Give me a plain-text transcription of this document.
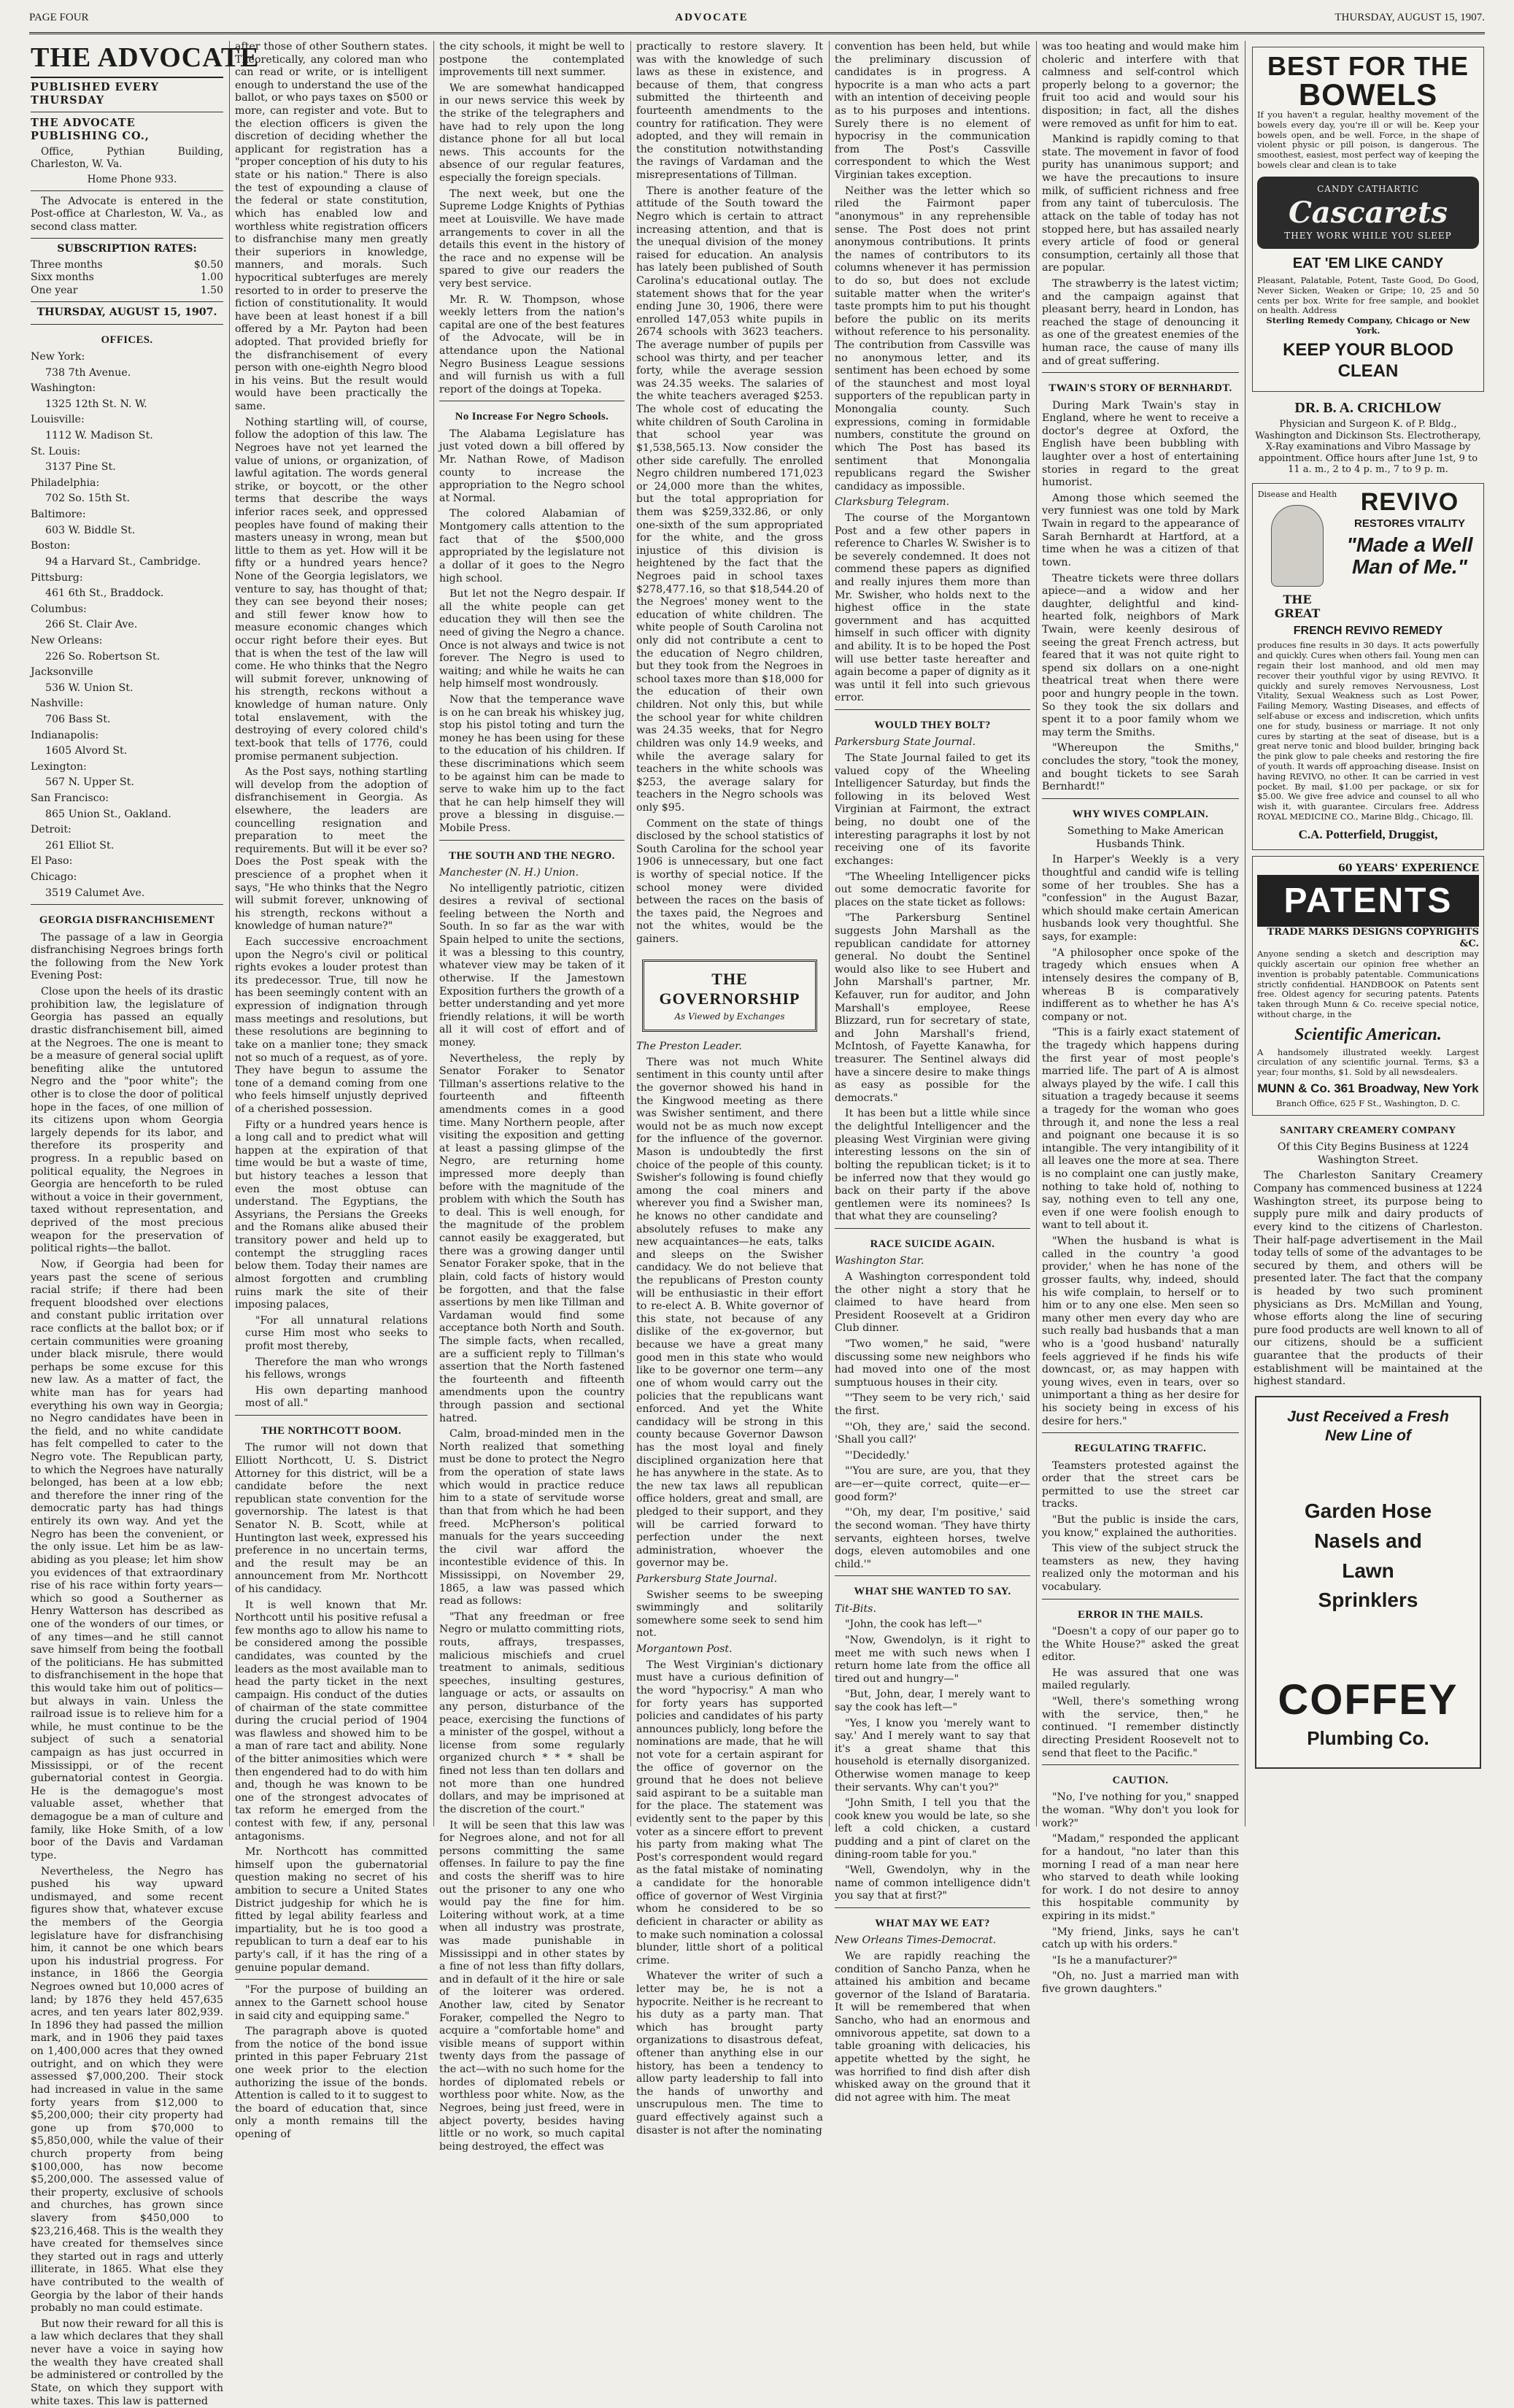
PAGE FOUR	ADVOCATE	THURSDAY, AUGUST 15, 1907.
THE ADVOCATE
PUBLISHED EVERY THURSDAY

THE ADVOCATE PUBLISHING CO.,

Office, Pythian Building, Charleston, W. Va.

Home Phone 933.

The Advocate is entered in the Post-office at Charleston, W. Va., as second class matter.

SUBSCRIPTION RATES:
Three months	$0.50
Sixx months	1.00
One year	1.50
THURSDAY, AUGUST 15, 1907.
OFFICES.

New York:

738 7th Avenue.

Washington:

1325 12th St. N. W.

Louisville:

1112 W. Madison St.

St. Louis:

3137 Pine St.

Philadelphia:

702 So. 15th St.

Baltimore:

603 W. Biddle St.

Boston:

94 a Harvard St., Cambridge.

Pittsburg:

461 6th St., Braddock.

Columbus:

266 St. Clair Ave.

New Orleans:

226 So. Robertson St.

Jacksonville

536 W. Union St.

Nashville:

706 Bass St.

Indianapolis:

1605 Alvord St.

Lexington:

567 N. Upper St.

San Francisco:

865 Union St., Oakland.

Detroit:

261 Elliot St.

El Paso:

Chicago:

3519 Calumet Ave.

GEORGIA DISFRANCHISEMENT

The passage of a law in Georgia disfranchising Negroes brings forth the following from the New York Evening Post:

Close upon the heels of its drastic prohibition law, the legislature of Georgia has passed an equally drastic disfranchisement bill, aimed at the Negroes. The one is meant to be a measure of general social uplift benefiting alike the untutored Negro and the "poor white"; the other is to close the door of political hope in the faces, of one million of its citizens upon whom Georgia largely depends for its labor, and therefore its prosperity and progress. In a republic based on political equality, the Negroes in Georgia are henceforth to be ruled without a voice in their government, taxed without representation, and deprived of the most precious weapon for the preservation of political rights—the ballot.

Now, if Georgia had been for years past the scene of serious racial strife; if there had been frequent bloodshed over elections and constant public irritation over race conflicts at the ballot box; or if certain communities were groaning under black misrule, there would perhaps be some excuse for this new law. As a matter of fact, the white man has for years had everything his own way in Georgia; no Negro candidates have been in the field, and no white candidate has felt compelled to cater to the Negro vote. The Republican party, to which the Negroes have naturally belonged, has been at a low ebb; and therefore the inner ring of the democratic party has had things entirely its own way. And yet the Negro has been the convenient, or the only issue. Let him be as law-abiding as you please; let him show you evidences of that extraordinary rise of his race within forty years—which so good a Southerner as Henry Watterson has described as one of the wonders of our times, or of any times—and he still cannot save himself from being the football of the politicians. He has submitted to disfranchisement in the hope that this would take him out of politics—but always in vain. Unless the railroad issue is to relieve him for a while, he must continue to be the subject of such a senatorial campaign as has just occurred in Mississippi, or of the recent gubernatorial contest in Georgia. He is the demagogue's most valuable asset, whether that demagogue be a man of culture and family, like Hoke Smith, of a low boor of the Davis and Vardaman type.

Nevertheless, the Negro has pushed his way upward undismayed, and some recent figures show that, whatever excuse the members of the Georgia legislature have for disfranchising him, it cannot be one which bears upon his industrial progress. For instance, in 1866 the Georgia Negroes owned but 10,000 acres of land; by 1876 they held 457,635 acres, and ten years later 802,939. In 1896 they had passed the million mark, and in 1906 they paid taxes on 1,400,000 acres that they owned outright, and on which they were assessed $7,000,200. Their stock had increased in value in the same forty years from $12,000 to $5,200,000; their city property had gone up from $70,000 to $5,850,000, while the value of their church property from being $100,000, has now become $5,200,000. The assessed value of their property, exclusive of schools and churches, has grown since slavery from $450,000 to $23,216,468. This is the wealth they have created for themselves since they started out in rags and utterly illiterate, in 1865. What else they have contributed to the wealth of Georgia by the labor of their hands probably no man could estimate.

But now their reward for all this is a law which declares that they shall never have a voice in saying how the wealth they have created shall be administered or controlled by the State, on which they support with white taxes. This law is patterned

after those of other Southern states. Theoretically, any colored man who can read or write, or is intelligent enough to understand the use of the ballot, or who pays taxes on $500 or more, can register and vote. But to the election officers is given the discretion of deciding whether the applicant for registration has a "proper conception of his duty to his state or his nation." There is also the test of expounding a clause of the federal or state constitution, which has enabled low and worthless white registration officers to disfranchise many men greatly their superiors in knowledge, manners, and morals. Such hypocritical subterfuges are merely resorted to in order to preserve the fiction of constitutionality. It would have been at least honest if a bill offered by a Mr. Payton had been adopted. That provided briefly for the disfranchisement of every person with one-eighth Negro blood in his veins. But the result would would have been practically the same.

Nothing startling will, of course, follow the adoption of this law. The Negroes have not yet learned the value of unions, or organization, of lawful agitation. The words general strike, or boycott, or the other terms that describe the ways inferior races seek, and oppressed peoples have found of making their masters uneasy in wrong, mean but little to them as yet. How will it be fifty or a hundred years hence? None of the Georgia legislators, we venture to say, has thought of that; they can see beyond their noses; and still fewer know how to measure economic changes which occur right before their eyes. But that is when the test of the law will come. He who thinks that the Negro will submit forever, unknowing of his strength, reckons without a knowledge of human nature. Only total enslavement, with the destroying of every colored child's text-book that tells of 1776, could promise permanent subjection.

As the Post says, nothing startling will develop from the adoption of disfranchisement in Georgia. As elsewhere, the leaders are councelling resignation and preparation to meet the requirements. But will it be ever so? Does the Post speak with the prescience of a prophet when it says, "He who thinks that the Negro will submit forever, unknowing of his strength, reckons without a knowledge of human nature?"

Each successive encroachment upon the Negro's civil or political rights evokes a louder protest than its predecessor. True, till now he has been seemingly content with an expression of indignation through mass meetings and resolutions, but these resolutions are beginning to take on a manlier tone; they smack not so much of a request, as of yore. They have begun to assume the tone of a demand coming from one who feels himself unjustly deprived of a cherished possession.

Fifty or a hundred years hence is a long call and to predict what will happen at the expiration of that time would be but a waste of time, but history teaches a lesson that even the most obtuse can understand. The Egyptians, the Assyrians, the Persians the Greeks and the Romans alike abused their transitory power and held up to contempt the struggling races below them. Today their names are almost forgotten and crumbling ruins mark the site of their imposing palaces,

"For all unnatural relations curse Him most who seeks to profit most thereby,

Therefore the man who wrongs his fellows, wrongs

His own departing manhood most of all."

THE NORTHCOTT BOOM.

The rumor will not down that Elliott Northcott, U. S. District Attorney for this district, will be a candidate before the next republican state convention for the governorship. The latest is that Senator N. B. Scott, while at Huntington last week, expressed his preference in no uncertain terms, and the result may be an announcement from Mr. Northcott of his candidacy.

It is well known that Mr. Northcott until his positive refusal a few months ago to allow his name to be considered among the possible candidates, was counted by the leaders as the most available man to head the party ticket in the next campaign. His conduct of the duties of chairman of the state committee during the crucial period of 1904 was flawless and showed him to be a man of rare tact and ability. None of the bitter animosities which were then engendered had to do with him and, though he was known to be one of the strongest advocates of tax reform he emerged from the contest with few, if any, personal antagonisms.

Mr. Northcott has committed himself upon the gubernatorial question making no secret of his ambition to secure a United States District judgeship for which he is fitted by legal ability fearless and impartiality, but he is too good a republican to turn a deaf ear to his party's call, if it has the ring of a genuine popular demand.

"For the purpose of building an annex to the Garnett school house in said city and equipping same."

The paragraph above is quoted from the notice of the bond issue printed in this paper February 21st one week prior to the election authorizing the issue of the bonds. Attention is called to it to suggest to the board of education that, since only a month remains till the opening of

the city schools, it might be well to postpone the contemplated improvements till next summer.

We are somewhat handicapped in our news service this week by the strike of the telegraphers and have had to rely upon the long distance phone for all but local news. This accounts for the absence of our regular features, especially the foreign specials.

The next week, but one the Supreme Lodge Knights of Pythias meet at Louisville. We have made arrangements to cover in all the details this event in the history of the race and no expense will be spared to give our readers the very best service.

Mr. R. W. Thompson, whose weekly letters from the nation's capital are one of the best features of the Advocate, will be in attendance upon the National Negro Business League sessions and will furnish us with a full report of the doings at Topeka.

No Increase For Negro Schools.

The Alabama Legislature has just voted down a bill offered by Mr. Nathan Rowe, of Madison county to increase the appropriation to the Negro school at Normal.

The colored Alabamian of Montgomery calls attention to the fact that of the $500,000 appropriated by the legislature not a dollar of it goes to the Negro high school.

But let not the Negro despair. If all the white people can get education they will then see the need of giving the Negro a chance. Once is not always and twice is not forever. The Negro is used to waiting; and while he waits he can help himself most wondrously.

Now that the temperance wave is on he can break his whiskey jug, stop his pistol toting and turn the money he has been using for these to the education of his children. If these discriminations which seem to be against him can be made to serve to wake him up to the fact that he can help himself they will prove a blessing in disguise.—Mobile Press.

THE SOUTH AND THE NEGRO.

Manchester (N. H.) Union.

No intelligently patriotic, citizen desires a revival of sectional feeling between the North and South. In so far as the war with Spain helped to unite the sections, it was a blessing to this country, whatever view may be taken of it otherwise. If the Jamestown Exposition furthers the growth of a better understanding and yet more friendly relations, it will be worth all it will cost of effort and of money.

Nevertheless, the reply by Senator Foraker to Senator Tillman's assertions relative to the fourteenth and fifteenth amendments comes in a good time. Many Northern people, after visiting the exposition and getting at least a passing glimpse of the Negro, are returning home impressed more deeply than before with the magnitude of the problem with which the South has to deal. This is well enough, for the magnitude of the problem cannot easily be exaggerated, but there was a growing danger until Senator Foraker spoke, that in the plain, cold facts of history would be forgotten, and that the false assertions by men like Tillman and Vardaman would find some acceptance both North and South. The simple facts, when recalled, are a sufficient reply to Tillman's assertion that the North fastened the fourteenth and fifteenth amendments upon the country through passion and sectional hatred.

Calm, broad-minded men in the North realized that something must be done to protect the Negro from the operation of state laws which would in practice reduce him to a state of servitude worse than that from which he had been freed. McPherson's political manuals for the years succeeding the civil war afford the incontestible evidence of this. In Mississippi, on November 29, 1865, a law was passed which read as follows:

"That any freedman or free Negro or mulatto committing riots, routs, affrays, trespasses, malicious mischiefs and cruel treatment to animals, seditious speeches, insulting gestures, language or acts, or assaults on any person, disturbance of the peace, exercising the functions of a minister of the gospel, without a license from some regularly organized church * * * shall be fined not less than ten dollars and not more than one hundred dollars, and may be imprisoned at the discretion of the court."

It will be seen that this law was for Negroes alone, and not for all persons committing the same offenses. In failure to pay the fine and costs the sheriff was to hire out the prisoner to any one who would pay the fine for him. Loitering without work, at a time when all industry was prostrate, was made punishable in Mississippi and in other states by a fine of not less than fifty dollars, and in default of it the hire or sale of the loiterer was ordered. Another law, cited by Senator Foraker, compelled the Negro to acquire a "comfortable home" and visible means of support within twenty days from the passage of the act—with no such home for the hordes of diplomated rebels or worthless poor white. Now, as the Negroes, being just freed, were in abject poverty, besides having little or no work, so much capital being destroyed, the effect was

practically to restore slavery. It was with the knowledge of such laws as these in existence, and because of them, that congress submitted the thirteenth and fourteenth amendments to the country for ratification. They were adopted, and they will remain in the constitution notwithstanding the ravings of Vardaman and the misrepresentations of Tillman.

There is another feature of the attitude of the South toward the Negro which is certain to attract increasing attention, and that is the unequal division of the money raised for education. An analysis has lately been published of South Carolina's educational outlay. The statement shows that for the year ending June 30, 1906, there were enrolled 147,053 white pupils in 2674 schools with 3623 teachers. The average number of pupils per school was thirty, and per teacher forty, while the average session was 24.35 weeks. The salaries of the white teachers averaged $253. The whole cost of educating the white children of South Carolina in that school year was $1,538,565.13. Now consider the other side carefully. The enrolled Negro children numbered 171,023 or 24,000 more than the whites, but the total appropriation for them was $259,332.86, or only one-sixth of the sum appropriated for the white, and the gross injustice of this division is heightened by the fact that the Negroes paid in school taxes $278,477.16, so that $18,544.20 of the Negroes' money went to the education of white children. The white people of South Carolina not only did not contribute a cent to the education of Negro children, but they took from the Negroes in school taxes more than $18,000 for the education of their own children. Not only this, but while the school year for white children was 24.35 weeks, that for Negro children was only 14.9 weeks, and while the average salary for teachers in the white schools was $253, the average salary for teachers in the Negro schools was only $95.

Comment on the state of things disclosed by the school statistics of South Carolina for the school year 1906 is unnecessary, but one fact is worthy of special notice. If the school money were divided between the races on the basis of the taxes paid, the Negroes and not the whites, would be the gainers.

THE GOVERNORSHIP
As Viewed by Exchanges

The Preston Leader.

There was not much White sentiment in this county until after the governor showed his hand in the Kingwood meeting as there was Swisher sentiment, and there would not be as much now except for the influence of the governor. Mason is undoubtedly the first choice of the people of this county. Swisher's following is found chiefly among the coal miners and wherever you find a Swisher man, he knows no other candidate and absolutely refuses to make any new acquaintances—he eats, talks and sleeps on the Swisher candidacy. We do not believe that the republicans of Preston county will be enthusiastic in their effort to re-elect A. B. White governor of this state, not because of any dislike of the ex-governor, but because we have a great many good men in this state who would like to be governor one term—any one of whom would carry out the policies that the republicans want enforced. And yet the White candidacy will be strong in this county because Governor Dawson has the most loyal and finely disciplined organization here that he has anywhere in the state. As to the new tax laws all republican office holders, great and small, are pledged to their support, and they will be carried forward to perfection under the next administration, whoever the governor may be.

Parkersburg State Journal.

Swisher seems to be sweeping swimmingly and solitarily somewhere some seek to send him not.

Morgantown Post.

The West Virginian's dictionary must have a curious definition of the word "hypocrisy." A man who for forty years has supported policies and candidates of his party announces publicly, long before the nominations are made, that he will not vote for a certain aspirant for the office of governor on the ground that he does not believe said aspirant to be a suitable man for the place. The statement was evidently sent to the paper by this voter as a sincere effort to prevent his party from making what The Post's correspondent would regard as the fatal mistake of nominating a candidate for the honorable office of governor of West Virginia whom he considered to be so deficient in character or ability as to make such nomination a colossal blunder, little short of a political crime.

Whatever the writer of such a letter may be, he is not a hypocrite. Neither is he recreant to his duty as a party man. That which has brought party organizations to disastrous defeat, oftener than anything else in our history, has been a tendency to allow party leadership to fall into the hands of unworthy and unscrupulous men. The time to guard effectively against such a disaster is not after the nominating

convention has been held, but while the preliminary discussion of candidates is in progress. A hypocrite is a man who acts a part with an intention of deceiving people as to his purposes and intentions. Surely there is no element of hypocrisy in the communication from The Post's Cassville correspondent to which the West Virginian takes exception.

Neither was the letter which so riled the Fairmont paper "anonymous" in any reprehensible sense. The Post does not print anonymous contributions. It prints the names of contributors to its columns whenever it has permission to do so, but does not exclude suitable matter when the writer's taste prompts him to put his thought before the public on its merits without reference to his personality. The contribution from Cassville was no anonymous letter, and its sentiment has been echoed by some of the staunchest and most loyal supporters of the republican party in Monongalia county. Such expressions, coming in formidable numbers, constitute the ground on which The Post has based its sentiment that Monongalia republicans regard the Swisher candidacy as impossible.

Clarksburg Telegram.

The course of the Morgantown Post and a few other papers in reference to Charles W. Swisher is to be severely condemned. It does not commend these papers as dignified and really injures them more than Mr. Swisher, who holds next to the highest office in the state government and has acquitted himself in such officer with dignity and ability. It is to be hoped the Post will use better taste hereafter and again become a paper of dignity as it was until it fell into such grievous error.

WOULD THEY BOLT?

Parkersburg State Journal.

The State Journal failed to get its valued copy of the Wheeling Intelligencer Saturday, but finds the following in its beloved West Virginian at Fairmont, the extract being, no doubt one of the interesting paragraphs it lost by not receiving one of its favorite exchanges:

"The Wheeling Intelligencer picks out some democratic favorite for places on the state ticket as follows:

"The Parkersburg Sentinel suggests John Marshall as the republican candidate for attorney general. No doubt the Sentinel would also like to see Hubert and John Marshall's partner, Mr. Kefauver, run for auditor, and John Marshall's employee, Reese Blizzard, run for secretary of state, and John Marshall's friend, McIntosh, of Fayette Kanawha, for treasurer. The Sentinel always did have a sincere desire to make things as easy as possible for the democrats."

It has been but a little while since the delightful Intelligencer and the pleasing West Virginian were giving interesting lessons on the sin of bolting the republican ticket; is it to be inferred now that they would go back on their party if the above gentlemen were its nominees? Is that what they are counseling?

RACE SUICIDE AGAIN.

Washington Star.

A Washington correspondent told the other night a story that he claimed to have heard from President Roosevelt at a Gridiron Club dinner.

"Two women," he said, "were discussing some new neighbors who had moved into one of the most sumptuous houses in their city.

"'They seem to be very rich,' said the first.

"'Oh, they are,' said the second. 'Shall you call?'

"'Decidedly.'

"'You are sure, are you, that they are—er—quite correct, quite—er—good form?'

"'Oh, my dear, I'm positive,' said the second woman. 'They have thirty servants, eighteen horses, twelve dogs, eleven automobiles and one child.'"

WHAT SHE WANTED TO SAY.

Tit-Bits.

"John, the cook has left—"

"Now, Gwendolyn, is it right to meet me with such news when I return home late from the office all tired out and hungry—"

"But, John, dear, I merely want to say the cook has left—"

"Yes, I know you 'merely want to say.' And I merely want to say that it's a great shame that this household is eternally disorganized. Otherwise women manage to keep their servants. Why can't you?"

"John Smith, I tell you that the cook knew you would be late, so she left a cold chicken, a custard pudding and a pint of claret on the dining-room table for you."

"Well, Gwendolyn, why in the name of common intelligence didn't you say that at first?"

WHAT MAY WE EAT?

New Orleans Times-Democrat.

We are rapidly reaching the condition of Sancho Panza, when he attained his ambition and became governor of the Island of Barataria. It will be remembered that when Sancho, who had an enormous and omnivorous appetite, sat down to a table groaning with delicacies, his appetite whetted by the sight, he was horrified to find dish after dish whisked away on the ground that it did not agree with him. The meat

was too heating and would make him choleric and interfere with that calmness and self-control which properly belong to a governor; the fruit too acid and would sour his disposition; in fact, all the dishes were removed as unfit for him to eat.

Mankind is rapidly coming to that state. The movement in favor of food purity has unanimous support; and we have the precautions to insure milk, of sufficient richness and free from any taint of tuberculosis. The attack on the table of today has not stopped here, but has assailed nearly every article of food or general consumption, certainly all those that are popular.

The strawberry is the latest victim; and the campaign against that pleasant berry, heard in London, has reached the stage of denouncing it as one of the greatest enemies of the human race, the cause of many ills and of great suffering.

TWAIN'S STORY OF BERNHARDT.

During Mark Twain's stay in England, where he went to receive a doctor's degree at Oxford, the English have been bubbling with laughter over a host of entertaining stories in regard to the great humorist.

Among those which seemed the very funniest was one told by Mark Twain in regard to the appearance of Sarah Bernhardt at Hartford, at a time when he was a citizen of that town.

Theatre tickets were three dollars apiece—and a widow and her daughter, delightful and kind-hearted folk, neighbors of Mark Twain, were keenly desirous of seeing the great French actress, but feared that it was not quite right to spend six dollars on a one-night theatrical treat when there were poor and hungry people in the town. So they took the six dollars and spent it to a poor family whom we may term the Smiths.

"Whereupon the Smiths," concludes the story, "took the money, and bought tickets to see Sarah Bernhardt!"

WHY WIVES COMPLAIN.

Something to Make American Husbands Think.

In Harper's Weekly is a very thoughtful and candid wife is telling some of her troubles. She has a "confession" in the August Bazar, which should make certain American husbands look very thoughtful. She says, for example:

"A philosopher once spoke of the tragedy which ensues when A intensely desires the company of B, whereas B is comparatively indifferent as to whether he has A's company or not.

"This is a fairly exact statement of the tragedy which happens during the first year of most people's married life. The part of A is almost always played by the wife. I call this situation a tragedy because it seems a tragedy for the woman who goes through it, and none the less a real and poignant one because it is so intangible. The very intangibility of it all leaves one the more at sea. There is no complaint one can justly make, nothing to take hold of, nothing to say, nothing even to tell any one, even if one were foolish enough to want to tell about it.

"When the husband is what is called in the country 'a good provider,' when he has none of the grosser faults, why, indeed, should his wife complain, to herself or to him or to any one else. Men seen so many other men every day who are such really bad husbands that a man who is a 'good husband' naturally feels aggrieved if he finds his wife downcast, or, as may happen with young wives, even in tears, over so unimportant a thing as her desire for his society being in excess of his desire for hers."

REGULATING TRAFFIC.

Teamsters protested against the order that the street cars be permitted to use the street car tracks.

"But the public is inside the cars, you know," explained the authorities.

This view of the subject struck the teamsters as new, they having realized only the motorman and his vocabulary.

ERROR IN THE MAILS.

"Doesn't a copy of our paper go to the White House?" asked the great editor.

He was assured that one was mailed regularly.

"Well, there's something wrong with the service, then," he continued. "I remember distinctly directing President Roosevelt not to send that fleet to the Pacific."

CAUTION.

"No, I've nothing for you," snapped the woman. "Why don't you look for work?"

"Madam," responded the applicant for a handout, "no later than this morning I read of a man near here who starved to death while looking for work. I do not desire to annoy this hospitable community by expiring in its midst."

"My friend, Jinks, says he can't catch up with his orders."

"Is he a manufacturer?"

"Oh, no. Just a married man with five grown daughters."

BEST FOR THE
BOWELS
If you haven't a regular, healthy movement of the bowels every day, you're ill or will be. Keep your bowels open, and be well. Force, in the shape of violent physic or pill poison, is dangerous. The smoothest, easiest, most perfect way of keeping the bowels clear and clean is to take
CANDY CATHARTIC
Cascarets
THEY WORK WHILE YOU SLEEP
EAT 'EM LIKE CANDY
Pleasant, Palatable, Potent, Taste Good, Do Good, Never Sicken, Weaken or Gripe; 10, 25 and 50 cents per box. Write for free sample, and booklet on health. Address
Sterling Remedy Company, Chicago or New York.
KEEP YOUR BLOOD CLEAN
DR. B. A. CRICHLOW
Physician and Surgeon K. of P. Bldg., Washington and Dickinson Sts. Electrotherapy, X-Ray examinations and Vibro Massage by appointment. Office hours after June 1st, 9 to 11 a. m., 2 to 4 p. m., 7 to 9 p. m.
Disease and Health
THE
GREAT
REVIVO
RESTORES VITALITY
"Made a Well Man of Me."
FRENCH REVIVO REMEDY
produces fine results in 30 days. It acts powerfully and quickly. Cures when others fail. Young men can regain their lost manhood, and old men may recover their youthful vigor by using REVIVO. It quickly and surely removes Nervousness, Lost Vitality, Sexual Weakness such as Lost Power, Failing Memory, Wasting Diseases, and effects of self-abuse or excess and indiscretion, which unfits one for study, business or marriage. It not only cures by starting at the seat of disease, but is a great nerve tonic and blood builder, bringing back the pink glow to pale cheeks and restoring the fire of youth. It wards off approaching disease. Insist on having REVIVO, no other. It can be carried in vest pocket. By mail, $1.00 per package, or six for $5.00. We give free advice and counsel to all who wish it, with guarantee. Circulars free. Address ROYAL MEDICINE CO., Marine Bldg., Chicago, Ill.
C.A. Potterfield, Druggist,
60 YEARS' EXPERIENCE
PATENTS
TRADE MARKS DESIGNS COPYRIGHTS &C.
Anyone sending a sketch and description may quickly ascertain our opinion free whether an invention is probably patentable. Communications strictly confidential. HANDBOOK on Patents sent free. Oldest agency for securing patents. Patents taken through Munn & Co. receive special notice, without charge, in the
Scientific American.
A handsomely illustrated weekly. Largest circulation of any scientific journal. Terms, $3 a year; four months, $1. Sold by all newsdealers.
MUNN & Co. 361 Broadway, New York
Branch Office, 625 F St., Washington, D. C.
SANITARY CREAMERY COMPANY

Of this City Begins Business at 1224 Washington Street.

The Charleston Sanitary Creamery Company has commenced business at 1224 Washington street, its purpose being to supply pure milk and dairy products of every kind to the citizens of Charleston. Their half-page advertisement in the Mail today tells of some of the advantages to be secured by them, and others will be presented later. The fact that the company is headed by two such prominent physicians as Drs. McMillan and Young, whose efforts along the line of securing pure food products are well known to all of our citizens, should be a sufficient guarantee that the products of their establishment will be maintained at the highest standard.

Just Received a Fresh
New Line of
Garden Hose
Nasels and
Lawn
Sprinklers
COFFEY
Plumbing Co.
